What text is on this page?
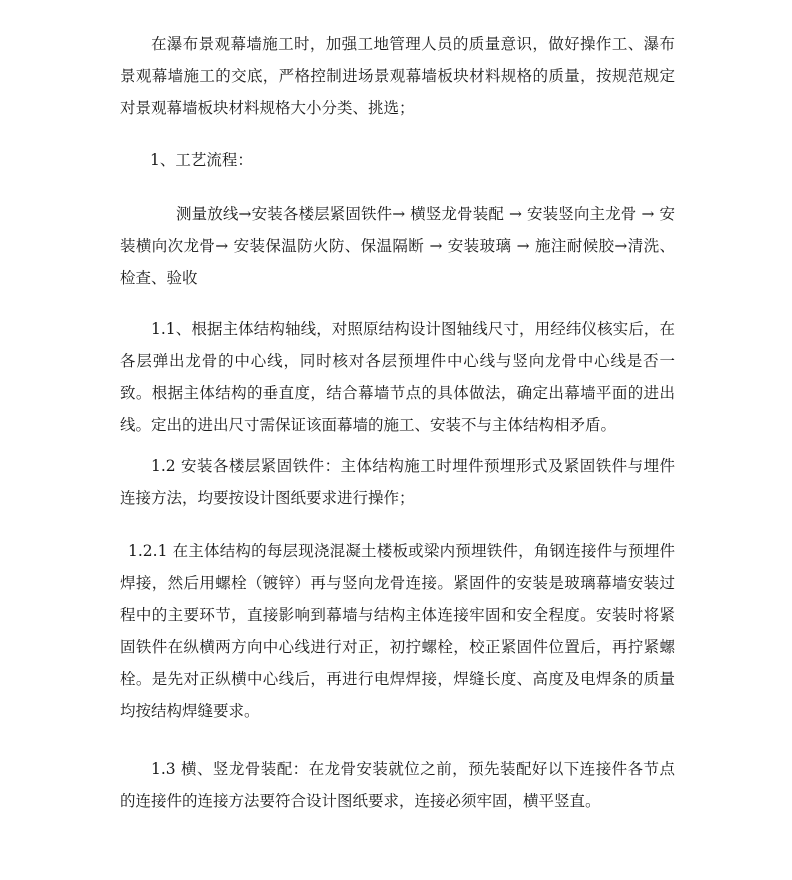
在瀑布景观幕墙施工时，加强工地管理人员的质量意识，做好操作工、瀑布景观幕墙施工的交底，严格控制进场景观幕墙板块材料规格的质量，按规范规定对景观幕墙板块材料规格大小分类、挑选；

1、工艺流程：

测量放线→安装各楼层紧固铁件→ 横竖龙骨装配 → 安装竖向主龙骨 → 安装横向次龙骨→ 安装保温防火防、保温隔断 → 安装玻璃 → 施注耐候胶→清洗、检查、验收

1.1、根据主体结构轴线，对照原结构设计图轴线尺寸，用经纬仪核实后，在各层弹出龙骨的中心线，同时核对各层预埋件中心线与竖向龙骨中心线是否一致。根据主体结构的垂直度，结合幕墙节点的具体做法，确定出幕墙平面的进出线。定出的进出尺寸需保证该面幕墙的施工、安装不与主体结构相矛盾。

1.2 安装各楼层紧固铁件：主体结构施工时埋件预埋形式及紧固铁件与埋件连接方法，均要按设计图纸要求进行操作；

1.2.1 在主体结构的每层现浇混凝土楼板或梁内预埋铁件，角钢连接件与预埋件焊接，然后用螺栓（镀锌）再与竖向龙骨连接。紧固件的安装是玻璃幕墙安装过程中的主要环节，直接影响到幕墙与结构主体连接牢固和安全程度。安装时将紧固铁件在纵横两方向中心线进行对正，初拧螺栓，校正紧固件位置后，再拧紧螺栓。是先对正纵横中心线后，再进行电焊焊接，焊缝长度、高度及电焊条的质量均按结构焊缝要求。

1.3 横、竖龙骨装配：在龙骨安装就位之前，预先装配好以下连接件各节点的连接件的连接方法要符合设计图纸要求，连接必须牢固，横平竖直。
